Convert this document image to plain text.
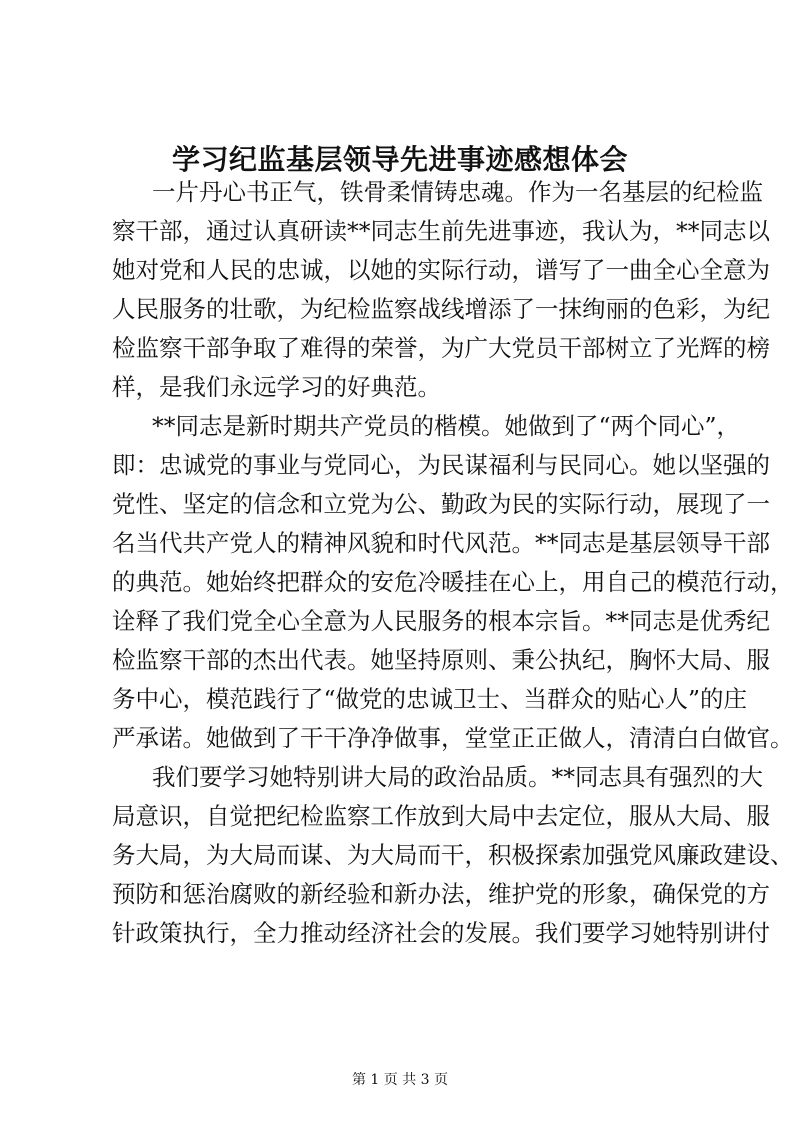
学习纪监基层领导先进事迹感想体会
一片丹心书正气，铁骨柔情铸忠魂。作为一名基层的纪检监
察干部，通过认真研读**同志生前先进事迹，我认为，**同志以
她对党和人民的忠诚，以她的实际行动，谱写了一曲全心全意为
人民服务的壮歌，为纪检监察战线增添了一抹绚丽的色彩，为纪
检监察干部争取了难得的荣誉，为广大党员干部树立了光辉的榜
样，是我们永远学习的好典范。
**同志是新时期共产党员的楷模。她做到了“两个同心”，
即：忠诚党的事业与党同心，为民谋福利与民同心。她以坚强的
党性、坚定的信念和立党为公、勤政为民的实际行动，展现了一
名当代共产党人的精神风貌和时代风范。**同志是基层领导干部
的典范。她始终把群众的安危冷暖挂在心上，用自己的模范行动，
诠释了我们党全心全意为人民服务的根本宗旨。**同志是优秀纪
检监察干部的杰出代表。她坚持原则、秉公执纪，胸怀大局、服
务中心，模范践行了“做党的忠诚卫士、当群众的贴心人”的庄
严承诺。她做到了干干净净做事，堂堂正正做人，清清白白做官。
我们要学习她特别讲大局的政治品质。**同志具有强烈的大
局意识，自觉把纪检监察工作放到大局中去定位，服从大局、服
务大局，为大局而谋、为大局而干，积极探索加强党风廉政建设、
预防和惩治腐败的新经验和新办法，维护党的形象，确保党的方
针政策执行，全力推动经济社会的发展。我们要学习她特别讲付
第 1 页 共 3 页
